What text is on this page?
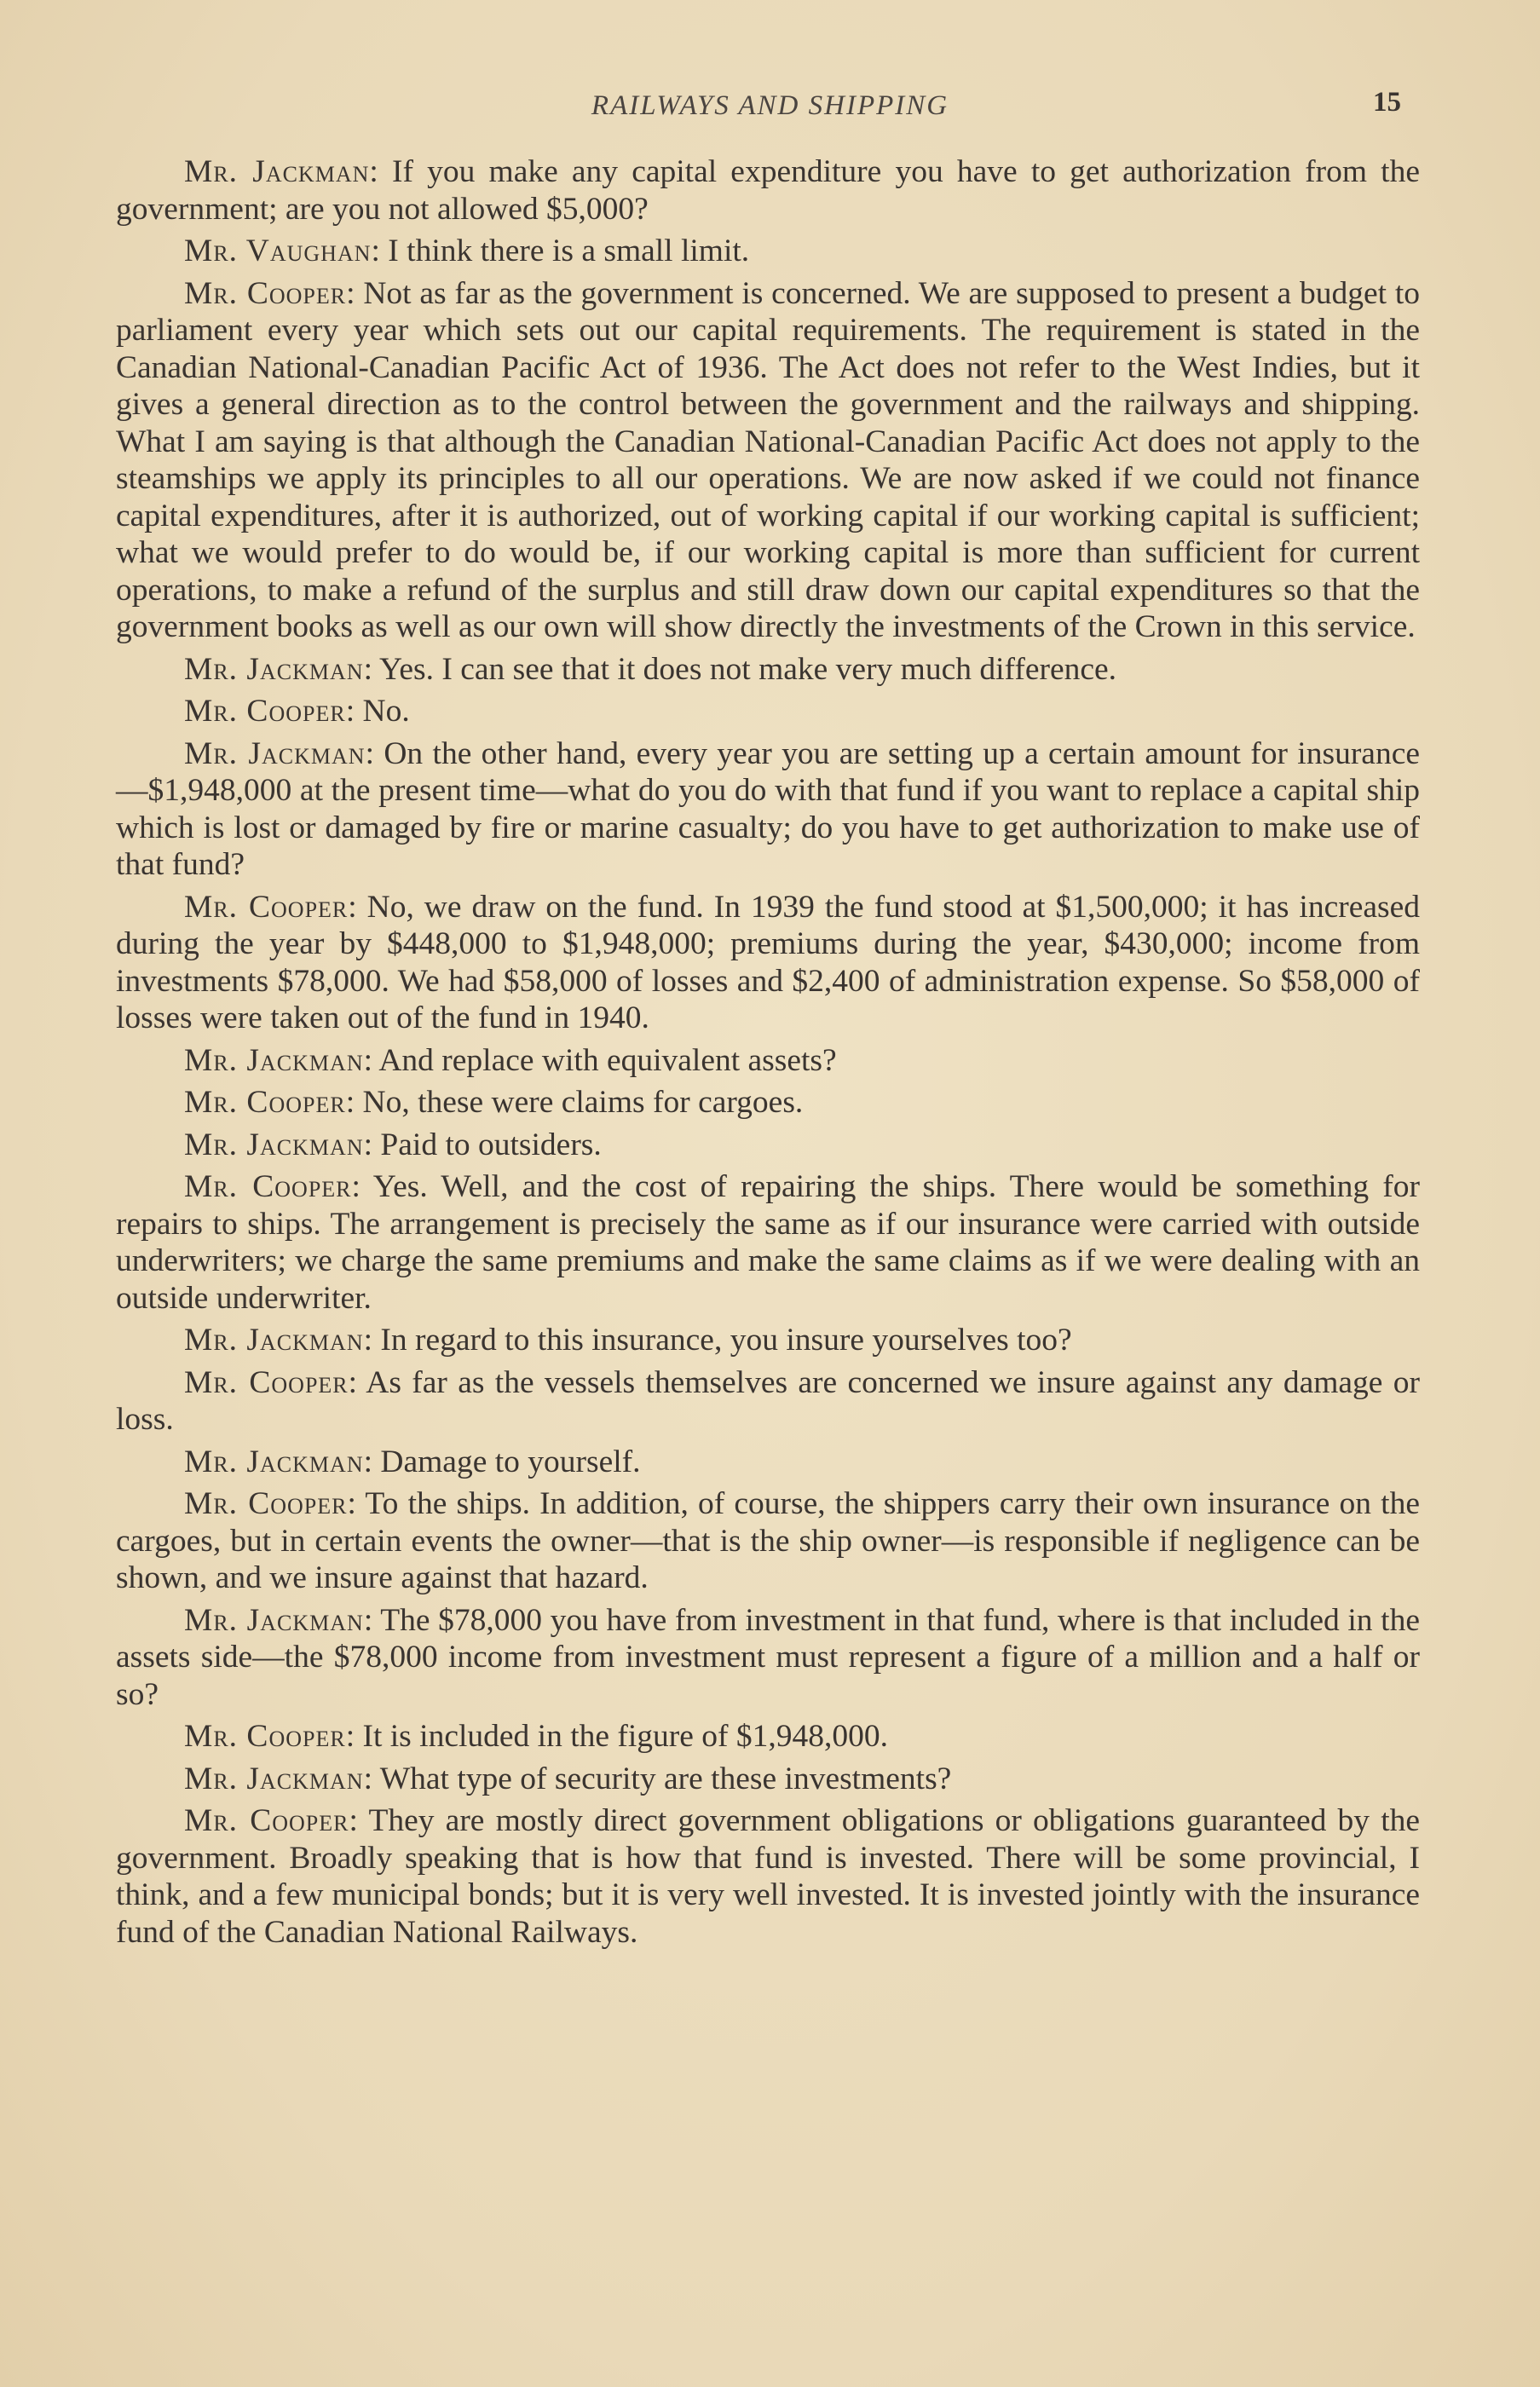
RAILWAYS AND SHIPPING	15

Mr. Jackman: If you make any capital expenditure you have to get authorization from the government; are you not allowed $5,000?

Mr. Vaughan: I think there is a small limit.

Mr. Cooper: Not as far as the government is concerned. We are supposed to present a budget to parliament every year which sets out our capital requirements. The requirement is stated in the Canadian National-Canadian Pacific Act of 1936. The Act does not refer to the West Indies, but it gives a general direction as to the control between the government and the railways and shipping. What I am saying is that although the Canadian National-Canadian Pacific Act does not apply to the steamships we apply its principles to all our operations. We are now asked if we could not finance capital expenditures, after it is authorized, out of working capital if our working capital is sufficient; what we would prefer to do would be, if our working capital is more than sufficient for current operations, to make a refund of the surplus and still draw down our capital expenditures so that the government books as well as our own will show directly the investments of the Crown in this service.

Mr. Jackman: Yes. I can see that it does not make very much difference.

Mr. Cooper: No.

Mr. Jackman: On the other hand, every year you are setting up a certain amount for insurance—$1,948,000 at the present time—what do you do with that fund if you want to replace a capital ship which is lost or damaged by fire or marine casualty; do you have to get authorization to make use of that fund?

Mr. Cooper: No, we draw on the fund. In 1939 the fund stood at $1,500,000; it has increased during the year by $448,000 to $1,948,000; premiums during the year, $430,000; income from investments $78,000. We had $58,000 of losses and $2,400 of administration expense. So $58,000 of losses were taken out of the fund in 1940.

Mr. Jackman: And replace with equivalent assets?

Mr. Cooper: No, these were claims for cargoes.

Mr. Jackman: Paid to outsiders.

Mr. Cooper: Yes. Well, and the cost of repairing the ships. There would be something for repairs to ships. The arrangement is precisely the same as if our insurance were carried with outside underwriters; we charge the same premiums and make the same claims as if we were dealing with an outside underwriter.

Mr. Jackman: In regard to this insurance, you insure yourselves too?

Mr. Cooper: As far as the vessels themselves are concerned we insure against any damage or loss.

Mr. Jackman: Damage to yourself.

Mr. Cooper: To the ships. In addition, of course, the shippers carry their own insurance on the cargoes, but in certain events the owner—that is the ship owner—is responsible if negligence can be shown, and we insure against that hazard.

Mr. Jackman: The $78,000 you have from investment in that fund, where is that included in the assets side—the $78,000 income from investment must represent a figure of a million and a half or so?

Mr. Cooper: It is included in the figure of $1,948,000.

Mr. Jackman: What type of security are these investments?

Mr. Cooper: They are mostly direct government obligations or obligations guaranteed by the government. Broadly speaking that is how that fund is invested. There will be some provincial, I think, and a few municipal bonds; but it is very well invested. It is invested jointly with the insurance fund of the Canadian National Railways.
